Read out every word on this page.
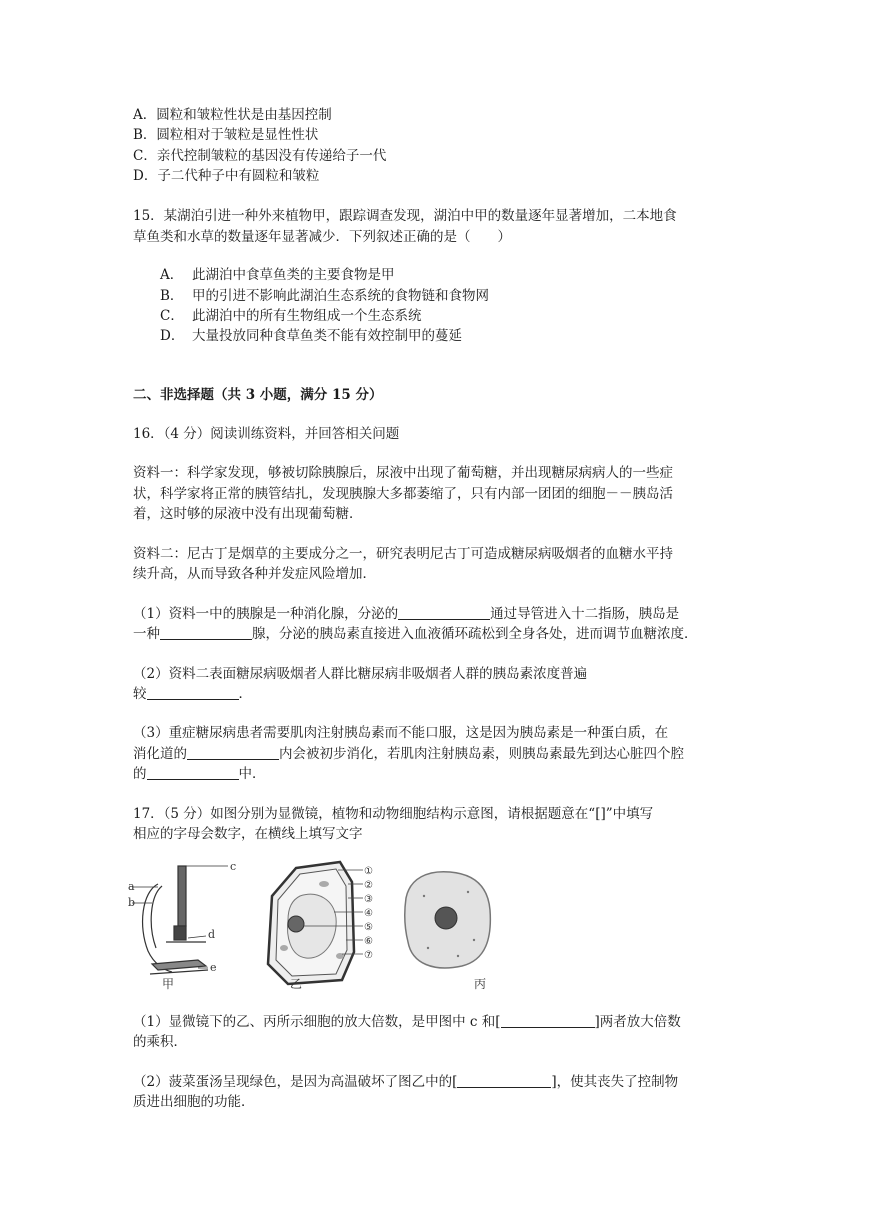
A．圆粒和皱粒性状是由基因控制
B．圆粒相对于皱粒是显性性状
C．亲代控制皱粒的基因没有传递给子一代
D．子二代种子中有圆粒和皱粒
15．某湖泊引进一种外来植物甲，跟踪调查发现，湖泊中甲的数量逐年显著增加，二本地食
草鱼类和水草的数量逐年显著减少．下列叙述正确的是（　　）
A． 此湖泊中食草鱼类的主要食物是甲
B． 甲的引进不影响此湖泊生态系统的食物链和食物网
C． 此湖泊中的所有生物组成一个生态系统
D． 大量投放同种食草鱼类不能有效控制甲的蔓延
二、非选择题（共 3 小题，满分 15 分）
16．（4 分）阅读训练资料，并回答相关问题
资料一：科学家发现，够被切除胰腺后，尿液中出现了葡萄糖，并出现糖尿病病人的一些症
状，科学家将正常的胰管结扎，发现胰腺大多都萎缩了，只有内部一团团的细胞－－胰岛活
着，这时够的尿液中没有出现葡萄糖．
资料二：尼古丁是烟草的主要成分之一，研究表明尼古丁可造成糖尿病吸烟者的血糖水平持
续升高，从而导致各种并发症风险增加．
（1）资料一中的胰腺是一种消化腺，分泌的	通过导管进入十二指肠，胰岛是
一种	腺，分泌的胰岛素直接进入血液循环疏松到全身各处，进而调节血糖浓度．
（2）资料二表面糖尿病吸烟者人群比糖尿病非吸烟者人群的胰岛素浓度普遍
较	．
（3）重症糖尿病患者需要肌肉注射胰岛素而不能口服，这是因为胰岛素是一种蛋白质，在
消化道的	内会被初步消化，若肌肉注射胰岛素，则胰岛素最先到达心脏四个腔
的	中．
17．（5 分）如图分别为显微镜，植物和动物细胞结构示意图，请根据题意在“[]”中填写
相应的字母会数字，在横线上填写文字
c
a
b
d
e
甲
①
②
③
④
⑤
⑥
⑦
乙	丙
（1）显微镜下的乙、丙所示细胞的放大倍数，是甲图中 c 和[	]两者放大倍数
的乘积．
（2）菠菜蛋汤呈现绿色，是因为高温破坏了图乙中的[	]，使其丧失了控制物
质进出细胞的功能．
